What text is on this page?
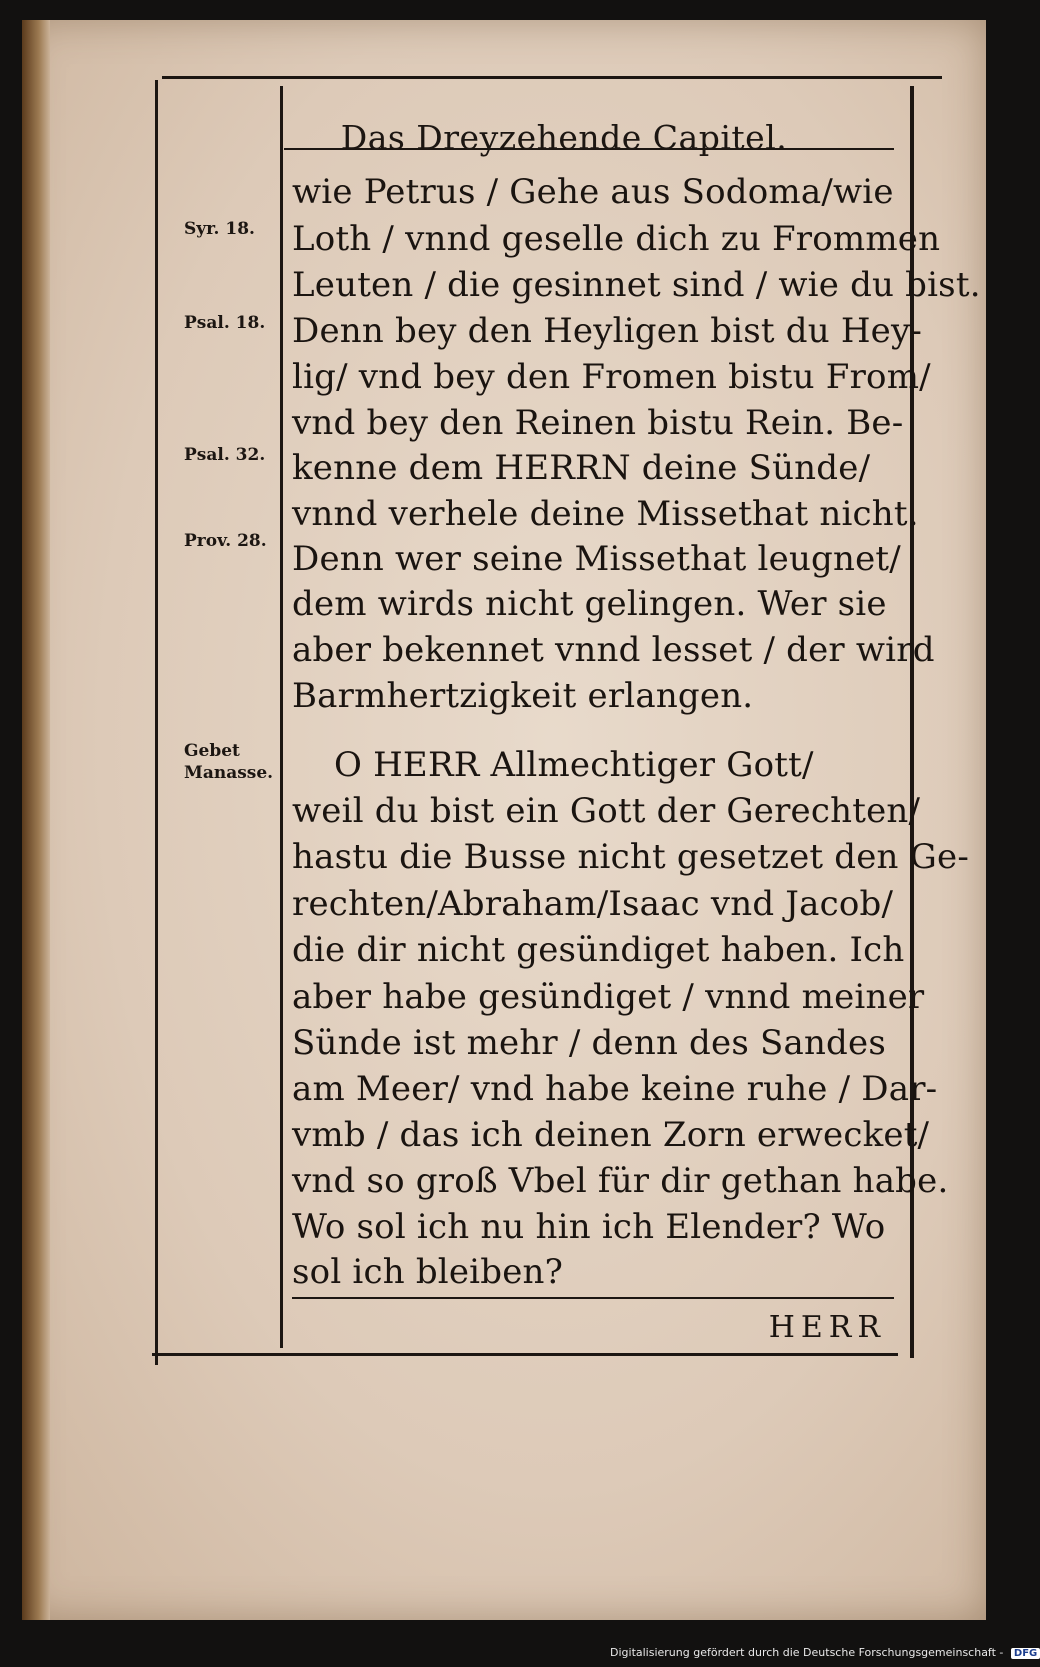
Das Dreyzehende Capitel.
Syr. 18.
Psal. 18.
Psal. 32.
Prov. 28.
Gebet
Manasse.
wie Petrus / Gehe aus Sodoma/wie
Loth / vnnd geselle dich zu Frommen
Leuten / die gesinnet sind / wie du bist.
Denn bey den Heyligen bist du Hey-
lig/ vnd bey den Fromen bistu From/
vnd bey den Reinen bistu Rein. Be-
kenne dem HERRN deine Sünde/
vnnd verhele deine Missethat nicht.
Denn wer seine Missethat leugnet/
dem wirds nicht gelingen. Wer sie
aber bekennet vnnd lesset / der wird
Barmhertzigkeit erlangen.
O HERR Allmechtiger Gott/
weil du bist ein Gott der Gerechten/
hastu die Busse nicht gesetzet den Ge-
rechten/Abraham/Isaac vnd Jacob/
die dir nicht gesündiget haben. Ich
aber habe gesündiget / vnnd meiner
Sünde ist mehr / denn des Sandes
am Meer/ vnd habe keine ruhe / Dar-
vmb / das ich deinen Zorn erwecket/
vnd so groß Vbel für dir gethan habe.
Wo sol ich nu hin ich Elender? Wo
sol ich bleiben?
HERR
Digitalisierung gefördert durch die Deutsche Forschungsgemeinschaft - DFG
